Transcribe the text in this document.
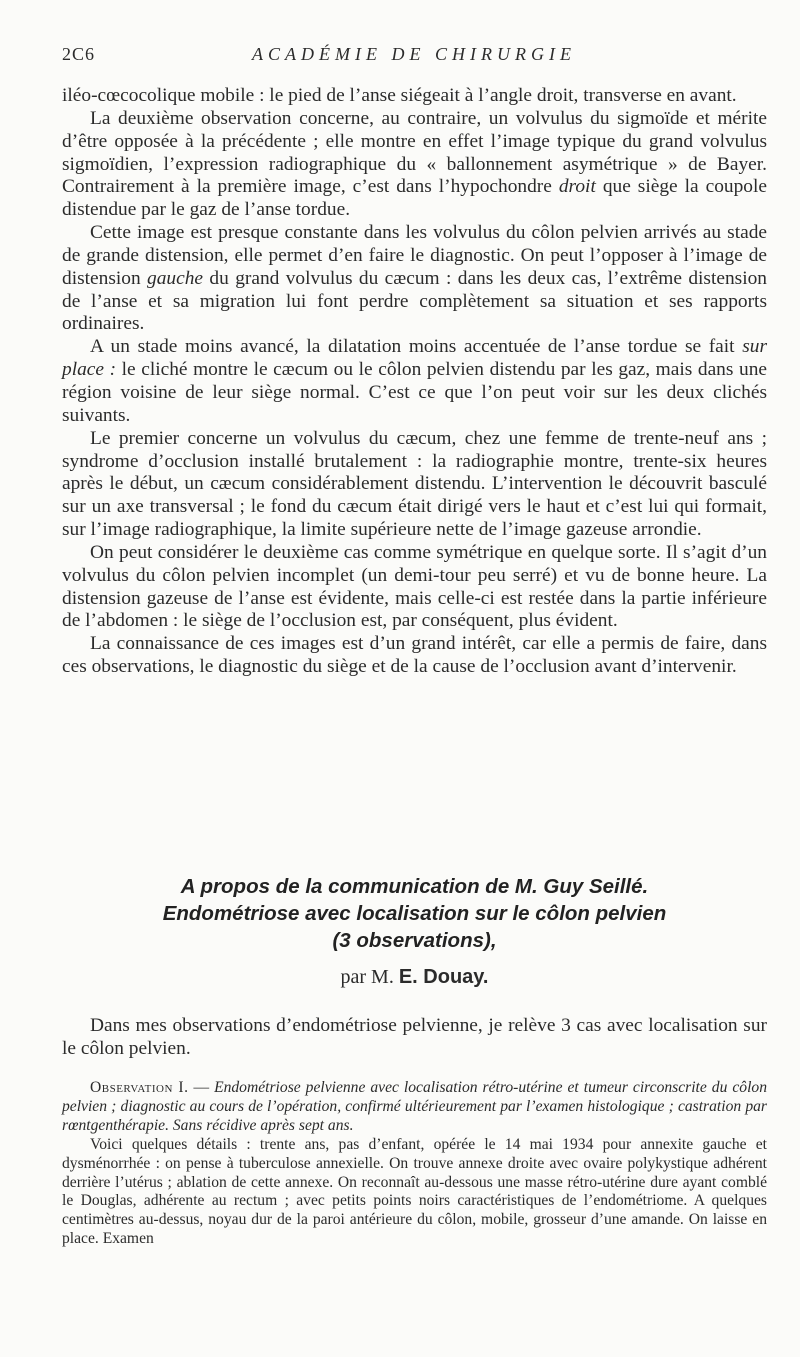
2C6	ACADÉMIE DE CHIRURGIE

iléo-cœcocolique mobile : le pied de l’anse siégeait à l’angle droit, transverse en avant.

La deuxième observation concerne, au contraire, un volvulus du sigmoïde et mérite d’être opposée à la précédente ; elle montre en effet l’image typique du grand volvulus sigmoïdien, l’expression radiographique du « ballonnement asymétrique » de Bayer. Contrairement à la première image, c’est dans l’hypochondre droit que siège la coupole distendue par le gaz de l’anse tordue.

Cette image est presque constante dans les volvulus du côlon pelvien arrivés au stade de grande distension, elle permet d’en faire le diagnostic. On peut l’opposer à l’image de distension gauche du grand volvulus du cæcum : dans les deux cas, l’extrême distension de l’anse et sa migration lui font perdre complètement sa situation et ses rapports ordinaires.

A un stade moins avancé, la dilatation moins accentuée de l’anse tordue se fait sur place : le cliché montre le cæcum ou le côlon pelvien distendu par les gaz, mais dans une région voisine de leur siège normal. C’est ce que l’on peut voir sur les deux clichés suivants.

Le premier concerne un volvulus du cæcum, chez une femme de trente-neuf ans ; syndrome d’occlusion installé brutalement : la radiographie montre, trente-six heures après le début, un cæcum considérablement distendu. L’intervention le découvrit basculé sur un axe transversal ; le fond du cæcum était dirigé vers le haut et c’est lui qui formait, sur l’image radiographique, la limite supérieure nette de l’image gazeuse arrondie.

On peut considérer le deuxième cas comme symétrique en quelque sorte. Il s’agit d’un volvulus du côlon pelvien incomplet (un demi-tour peu serré) et vu de bonne heure. La distension gazeuse de l’anse est évidente, mais celle-ci est restée dans la partie inférieure de l’abdomen : le siège de l’occlusion est, par conséquent, plus évident.

La connaissance de ces images est d’un grand intérêt, car elle a permis de faire, dans ces observations, le diagnostic du siège et de la cause de l’occlusion avant d’intervenir.

A propos de la communication de M. Guy Seillé.
Endométriose avec localisation sur le côlon pelvien
(3 observations),
par M. E. Douay.

Dans mes observations d’endométriose pelvienne, je relève 3 cas avec localisation sur le côlon pelvien.

Observation I. — Endométriose pelvienne avec localisation rétro-utérine et tumeur circonscrite du côlon pelvien ; diagnostic au cours de l’opération, confirmé ultérieurement par l’examen histologique ; castration par rœntgenthérapie. Sans récidive après sept ans.

Voici quelques détails : trente ans, pas d’enfant, opérée le 14 mai 1934 pour annexite gauche et dysménorrhée : on pense à tuberculose annexielle. On trouve annexe droite avec ovaire polykystique adhérent derrière l’utérus ; ablation de cette annexe. On reconnaît au-dessous une masse rétro-utérine dure ayant comblé le Douglas, adhérente au rectum ; avec petits points noirs caractéristiques de l’endométriome. A quelques centimètres au-dessus, noyau dur de la paroi antérieure du côlon, mobile, grosseur d’une amande. On laisse en place. Examen
